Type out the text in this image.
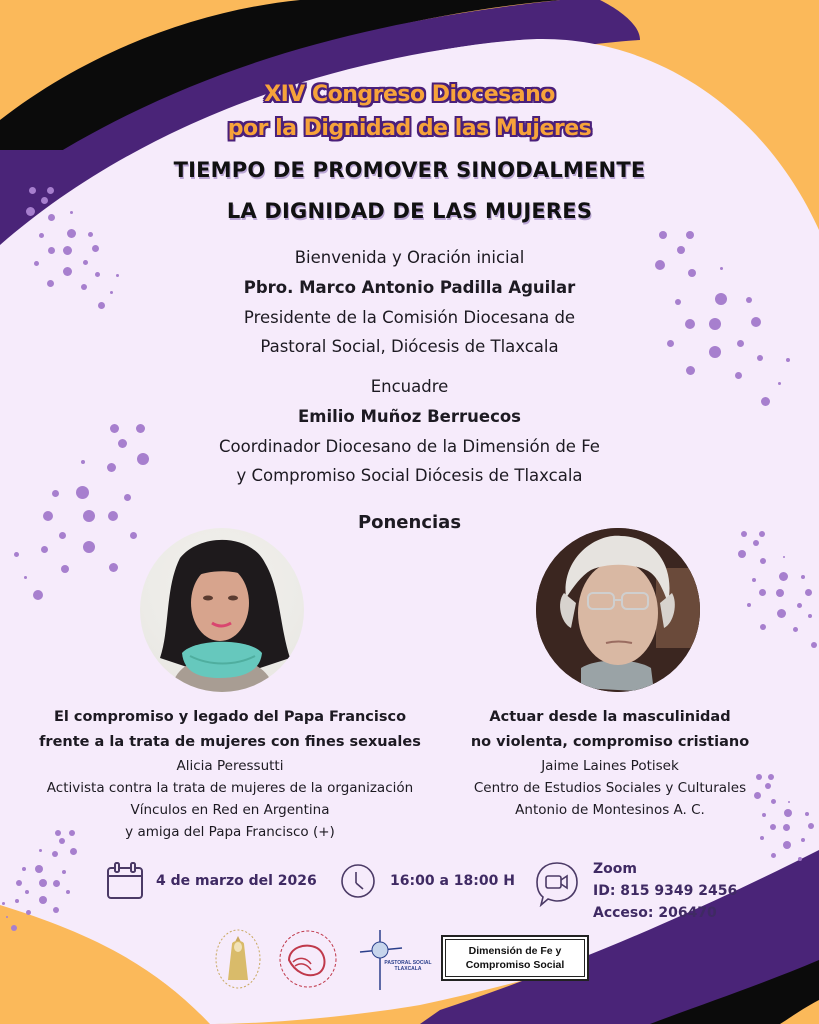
XIV Congreso Diocesano
por la Dignidad de las Mujeres
TIEMPO DE PROMOVER SINODALMENTE
LA DIGNIDAD DE LAS MUJERES
Bienvenida y Oración inicial
Pbro. Marco Antonio Padilla Aguilar
Presidente de la Comisión Diocesana de
Pastoral Social, Diócesis de Tlaxcala
Encuadre
Emilio Muñoz Berruecos
Coordinador Diocesano de la Dimensión de Fe
y Compromiso Social Diócesis de Tlaxcala
Ponencias
El compromiso y legado del Papa Francisco
frente a la trata de mujeres con fines sexuales
Alicia Peressutti
Activista contra la trata de mujeres de la organización
Vínculos en Red en Argentina
y amiga del Papa Francisco (+)
Actuar desde la masculinidad
no violenta, compromiso cristiano
Jaime Laines Potisek
Centro de Estudios Sociales y Culturales
Antonio de Montesinos A. C.
4 de marzo del 2026	16:00 a 18:00 H
Zoom
ID: 815 9349 2456
Acceso: 206470
PASTORAL SOCIAL
TLAXCALA
Dimensión de Fe y
Compromiso Social
